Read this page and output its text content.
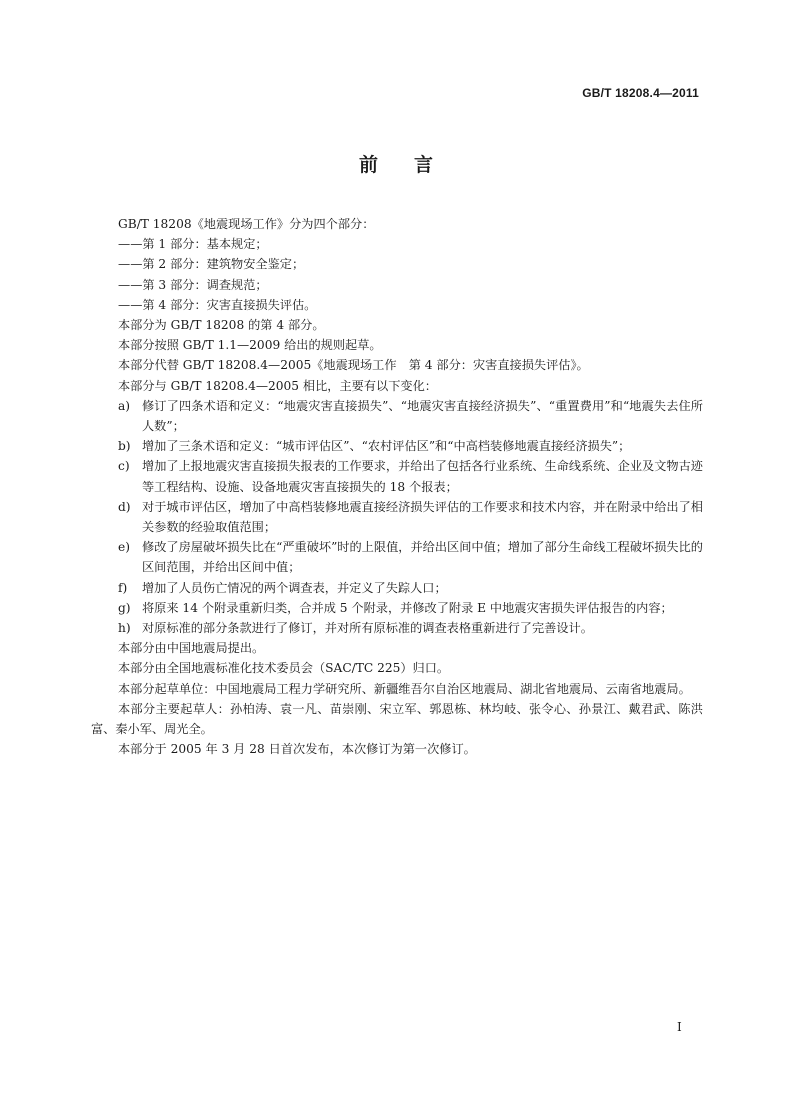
GB/T 18208.4—2011
前言

GB/T 18208《地震现场工作》分为四个部分：

——第 1 部分：基本规定；

——第 2 部分：建筑物安全鉴定；

——第 3 部分：调查规范；

——第 4 部分：灾害直接损失评估。

本部分为 GB/T 18208 的第 4 部分。

本部分按照 GB/T 1.1—2009 给出的规则起草。

本部分代替 GB/T 18208.4—2005《地震现场工作　第 4 部分：灾害直接损失评估》。

本部分与 GB/T 18208.4—2005 相比，主要有以下变化：

a) 修订了四条术语和定义：“地震灾害直接损失”、“地震灾害直接经济损失”、“重置费用”和“地震失去住所人数”；
b) 增加了三条术语和定义：“城市评估区”、“农村评估区”和“中高档装修地震直接经济损失”；
c)	增加了上报地震灾害直接损失报表的工作要求，并给出了包括各行业系统、生命线系统、企业及文物古迹等工程结构、设施、设备地震灾害直接损失的 18 个报表；
d) 对于城市评估区，增加了中高档装修地震直接经济损失评估的工作要求和技术内容，并在附录中给出了相关参数的经验取值范围；
e) 修改了房屋破坏损失比在“严重破坏”时的上限值，并给出区间中值；增加了部分生命线工程破坏损失比的区间范围，并给出区间中值；
f)	增加了人员伤亡情况的两个调查表，并定义了失踪人口；
g) 将原来 14 个附录重新归类，合并成 5 个附录，并修改了附录 E 中地震灾害损失评估报告的内容；
h) 对原标准的部分条款进行了修订，并对所有原标准的调查表格重新进行了完善设计。

本部分由中国地震局提出。

本部分由全国地震标准化技术委员会（SAC/TC 225）归口。

本部分起草单位：中国地震局工程力学研究所、新疆维吾尔自治区地震局、湖北省地震局、云南省地震局。

本部分主要起草人：孙柏涛、袁一凡、苗崇刚、宋立军、郭恩栋、林均岐、张令心、孙景江、戴君武、陈洪富、秦小军、周光全。

本部分于 2005 年 3 月 28 日首次发布，本次修订为第一次修订。

I
